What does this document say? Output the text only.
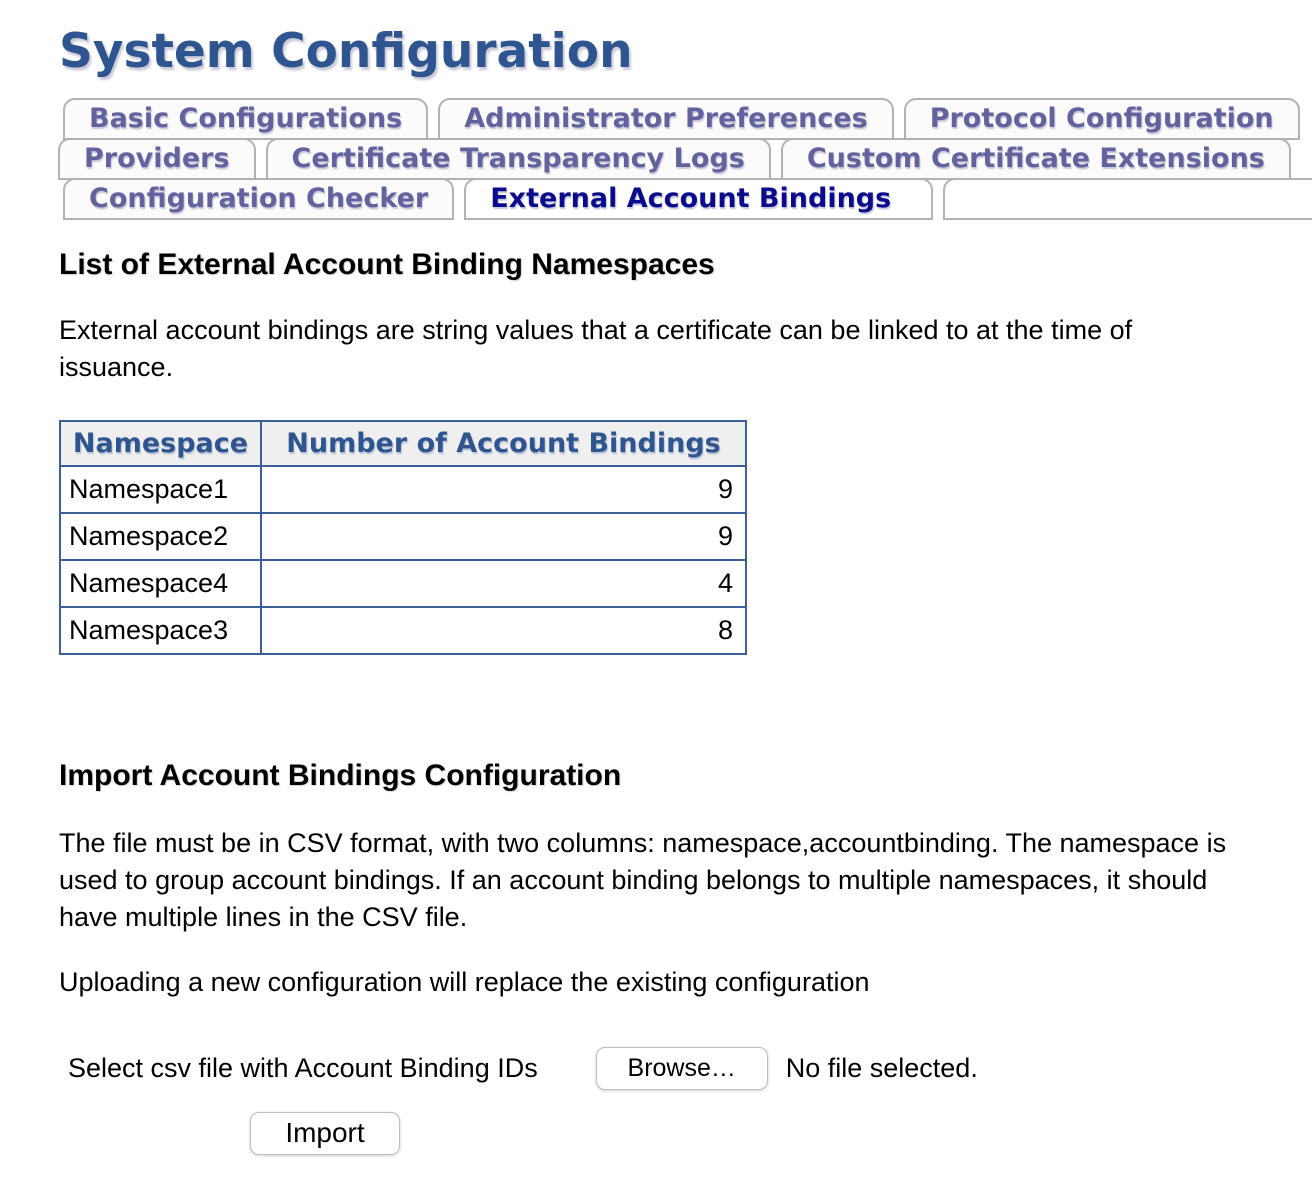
System Configuration
Basic Configurations	Administrator Preferences	Protocol Configuration
Providers	Certificate Transparency Logs	Custom Certificate Extensions
Configuration Checker	External Account Bindings
List of External Account Binding Namespaces

External account bindings are string values that a certificate can be linked to at the time of issuance.

Namespace	Number of Account Bindings
Namespace1	9
Namespace2	9
Namespace4	4
Namespace3	8
Import Account Bindings Configuration

The file must be in CSV format, with two columns: namespace,accountbinding. The namespace is used to group account bindings. If an account binding belongs to multiple namespaces, it should have multiple lines in the CSV file.

Uploading a new configuration will replace the existing configuration

Select csv file with Account Binding IDs	Browse…	No file selected.
Import
